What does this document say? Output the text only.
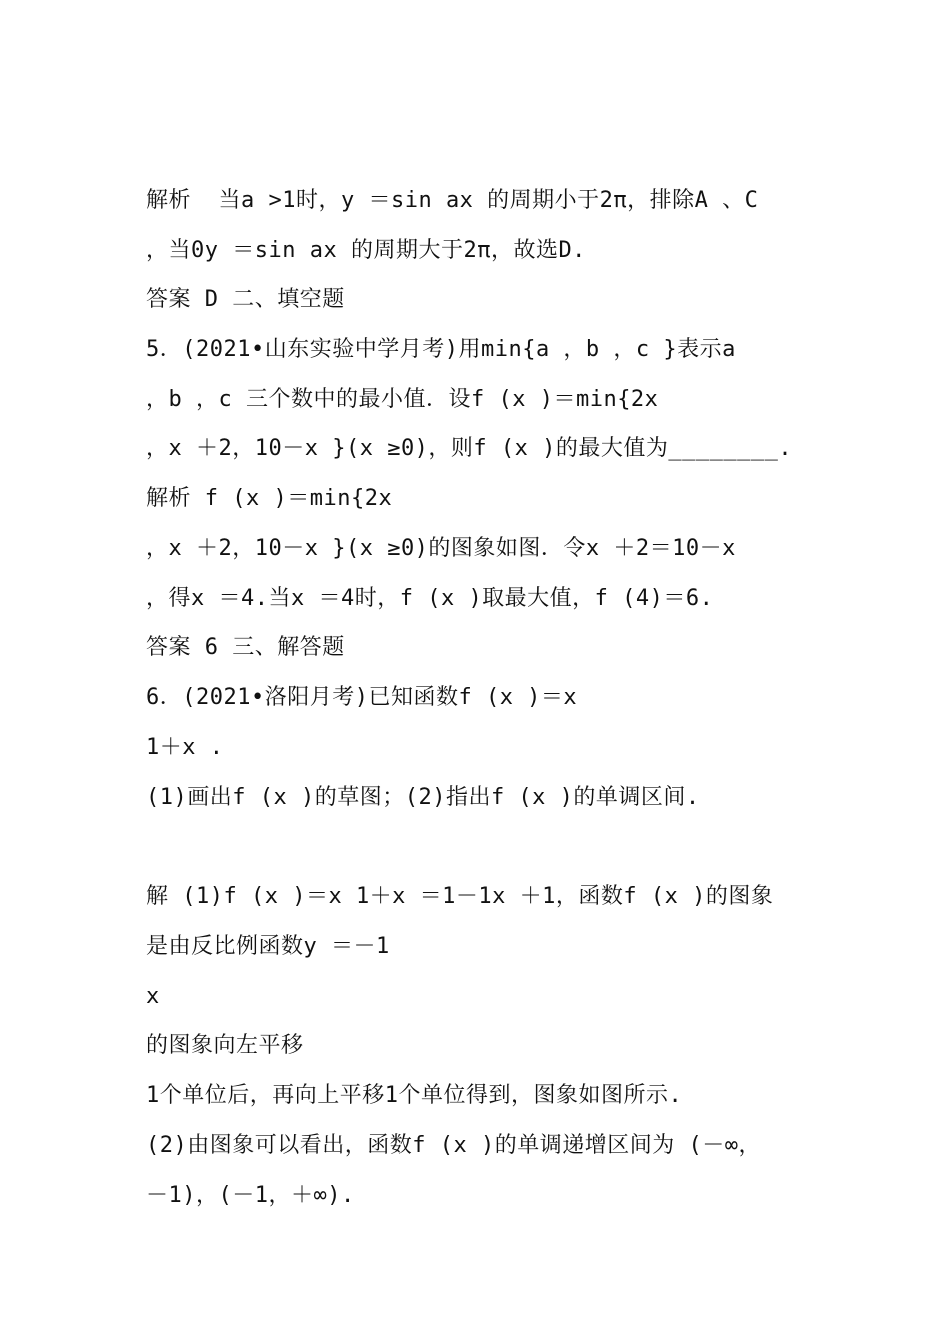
解析  当a >1时，y ＝sin ax 的周期小于2π，排除A 、C
，当0y ＝sin ax 的周期大于2π，故选D.
答案 D 二、填空题
5．(2021•山东实验中学月考)用min{a ，b ，c }表示a
，b ，c 三个数中的最小值．设f (x )＝min{2x
，x ＋2，10－x }(x ≥0)，则f (x )的最大值为________.
解析 f (x )＝min{2x
，x ＋2，10－x }(x ≥0)的图象如图．令x ＋2＝10－x
，得x ＝4.当x ＝4时，f (x )取最大值，f (4)＝6.
答案 6 三、解答题
6．(2021•洛阳月考)已知函数f (x )＝x
1＋x .
(1)画出f (x )的草图；(2)指出f (x )的单调区间.
解 (1)f (x )＝x 1＋x ＝1－1x ＋1，函数f (x )的图象
是由反比例函数y ＝－1
x
的图象向左平移
1个单位后，再向上平移1个单位得到，图象如图所示.
(2)由图象可以看出，函数f (x )的单调递增区间为 (－∞，
－1)，(－1，＋∞).
